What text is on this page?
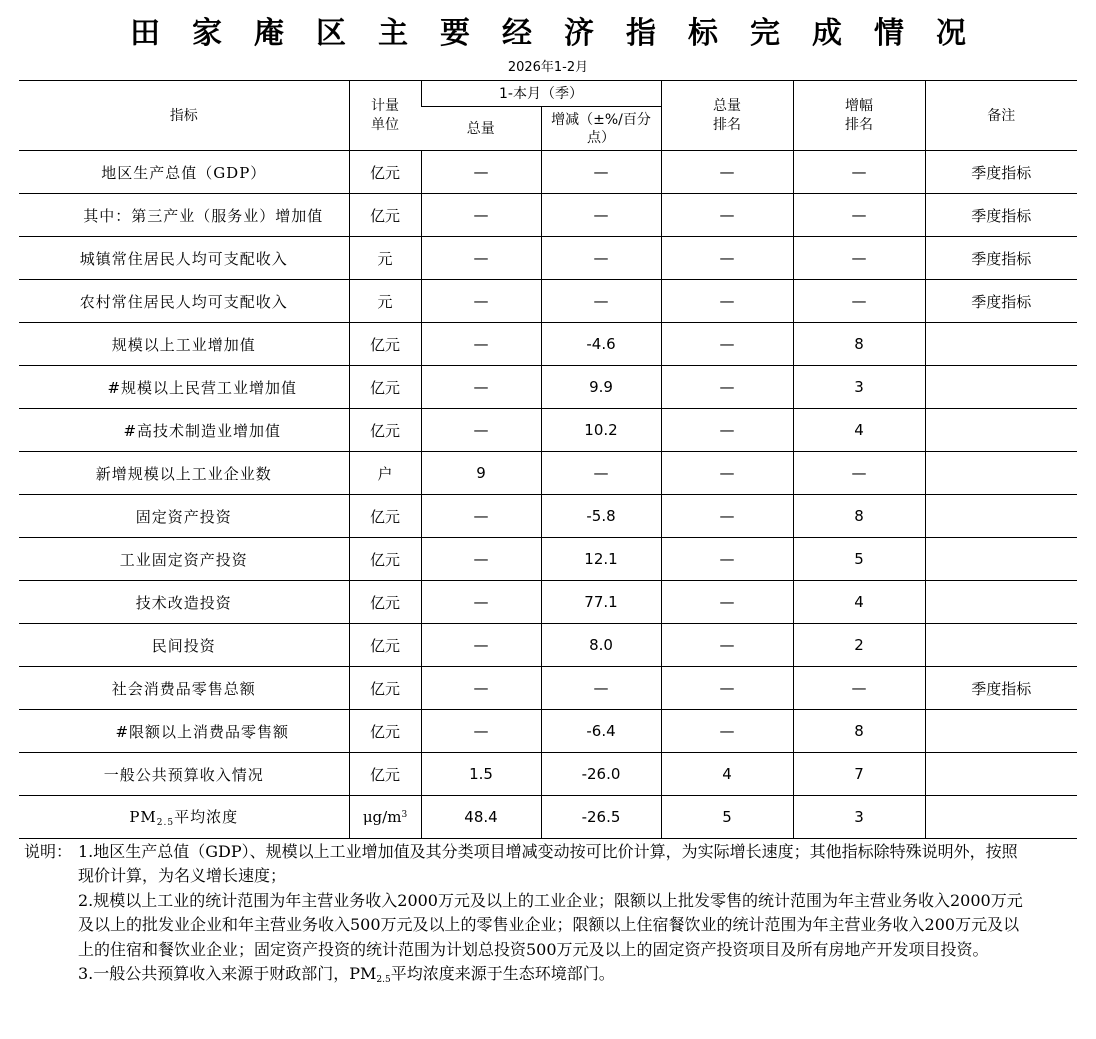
田家庵区主要经济指标完成情况
2026年1-2月
指标	计量单位	1-本月（季）		总量排名	增幅排名	备注
		总量	增减（±%/百分点）			
地区生产总值（GDP）	亿元	—	—	—	—	季度指标
其中：第三产业（服务业）增加值	亿元	—	—	—	—	季度指标
城镇常住居民人均可支配收入	元	—	—	—	—	季度指标
农村常住居民人均可支配收入	元	—	—	—	—	季度指标
规模以上工业增加值	亿元	—	-4.6	—	8	
#规模以上民营工业增加值	亿元	—	9.9	—	3	
#高技术制造业增加值	亿元	—	10.2	—	4	
新增规模以上工业企业数	户	9	—	—	—	
固定资产投资	亿元	—	-5.8	—	8	
工业固定资产投资	亿元	—	12.1	—	5	
技术改造投资	亿元	—	77.1	—	4	
民间投资	亿元	—	8.0	—	2	
社会消费品零售总额	亿元	—	—	—	—	季度指标
#限额以上消费品零售额	亿元	—	-6.4	—	8	
一般公共预算收入情况	亿元	1.5	-26.0	4	7	
$PM_{2.5}$平均浓度	$\mu g/m^3$	48.4	-26.5	5	3	
说明： 1.地区生产总值（GDP）、规模以上工业增加值及其分类项目增减变动按可比价计算，为实际增长速度；其他指标除特殊说明外，按照现价计算，为名义增长速度；
2.规模以上工业的统计范围为年主营业务收入2000万元及以上的工业企业；限额以上批发零售的统计范围为年主营业务收入2000万元及以上的批发业企业和年主营业务收入500万元及以上的零售业企业；限额以上住宿餐饮业的统计范围为年主营业务收入200万元及以上的住宿和餐饮业企业；固定资产投资的统计范围为计划总投资500万元及以上的固定资产投资项目及所有房地产开发项目投资。
3.一般公共预算收入来源于财政部门，$PM_{2.5}$平均浓度来源于生态环境部门。
